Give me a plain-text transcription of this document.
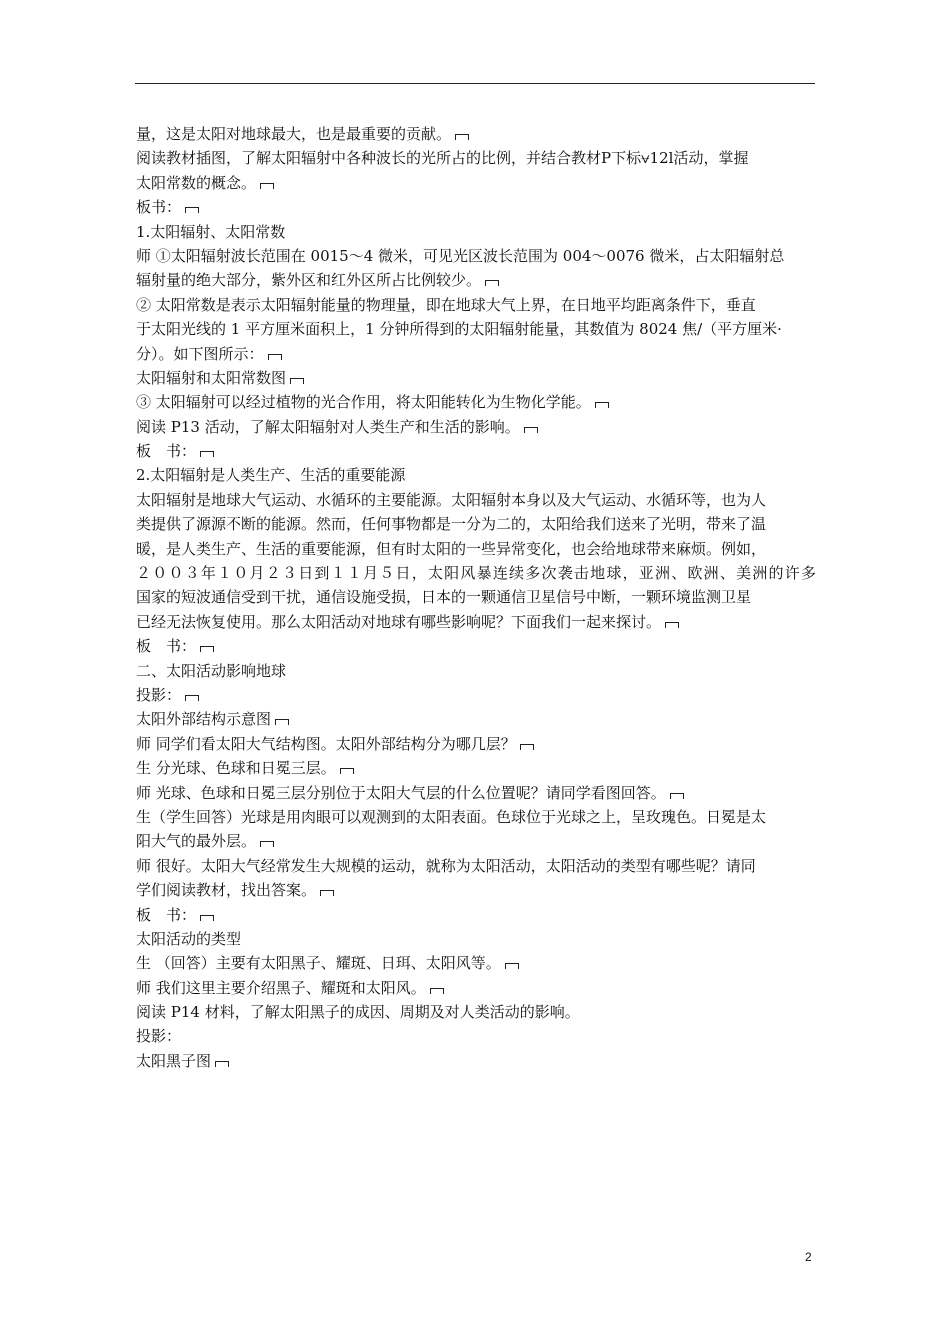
量，这是太阳对地球最大，也是最重要的贡献。
阅读教材插图，了解太阳辐射中各种波长的光所占的比例，并结合教材P下标⩝12l活动，掌握
太阳常数的概念。
板书：
1.太阳辐射、太阳常数
师 ①太阳辐射波长范围在 0015～4 微米，可见光区波长范围为 004～0076 微米，占太阳辐射总
辐射量的绝大部分，紫外区和红外区所占比例较少。
② 太阳常数是表示太阳辐射能量的物理量，即在地球大气上界，在日地平均距离条件下，垂直
于太阳光线的 1 平方厘米面积上，1 分钟所得到的太阳辐射能量，其数值为 8024 焦/（平方厘米·
分）。如下图所示：
太阳辐射和太阳常数图
③ 太阳辐射可以经过植物的光合作用，将太阳能转化为生物化学能。
阅读 P13 活动，了解太阳辐射对人类生产和生活的影响。
板　书：
2.太阳辐射是人类生产、生活的重要能源
太阳辐射是地球大气运动、水循环的主要能源。太阳辐射本身以及大气运动、水循环等，也为人
类提供了源源不断的能源。然而，任何事物都是一分为二的，太阳给我们送来了光明，带来了温
暖，是人类生产、生活的重要能源，但有时太阳的一些异常变化，也会给地球带来麻烦。例如，
２００３年１０月２３日到１１月５日，太阳风暴连续多次袭击地球，亚洲、欧洲、美洲的许多
国家的短波通信受到干扰，通信设施受损，日本的一颗通信卫星信号中断，一颗环境监测卫星
已经无法恢复使用。那么太阳活动对地球有哪些影响呢？下面我们一起来探讨。
板　书：
二、太阳活动影响地球
投影：
太阳外部结构示意图
师 同学们看太阳大气结构图。太阳外部结构分为哪几层？
生 分光球、色球和日冕三层。
师 光球、色球和日冕三层分别位于太阳大气层的什么位置呢？请同学看图回答。
生（学生回答）光球是用肉眼可以观测到的太阳表面。色球位于光球之上，呈玫瑰色。日冕是太
阳大气的最外层。
师 很好。太阳大气经常发生大规模的运动，就称为太阳活动，太阳活动的类型有哪些呢？请同
学们阅读教材，找出答案。
板　书：
太阳活动的类型
生 （回答）主要有太阳黑子、耀斑、日珥、太阳风等。
师 我们这里主要介绍黑子、耀斑和太阳风。
阅读 P14 材料，了解太阳黑子的成因、周期及对人类活动的影响。
投影：
太阳黑子图
2
